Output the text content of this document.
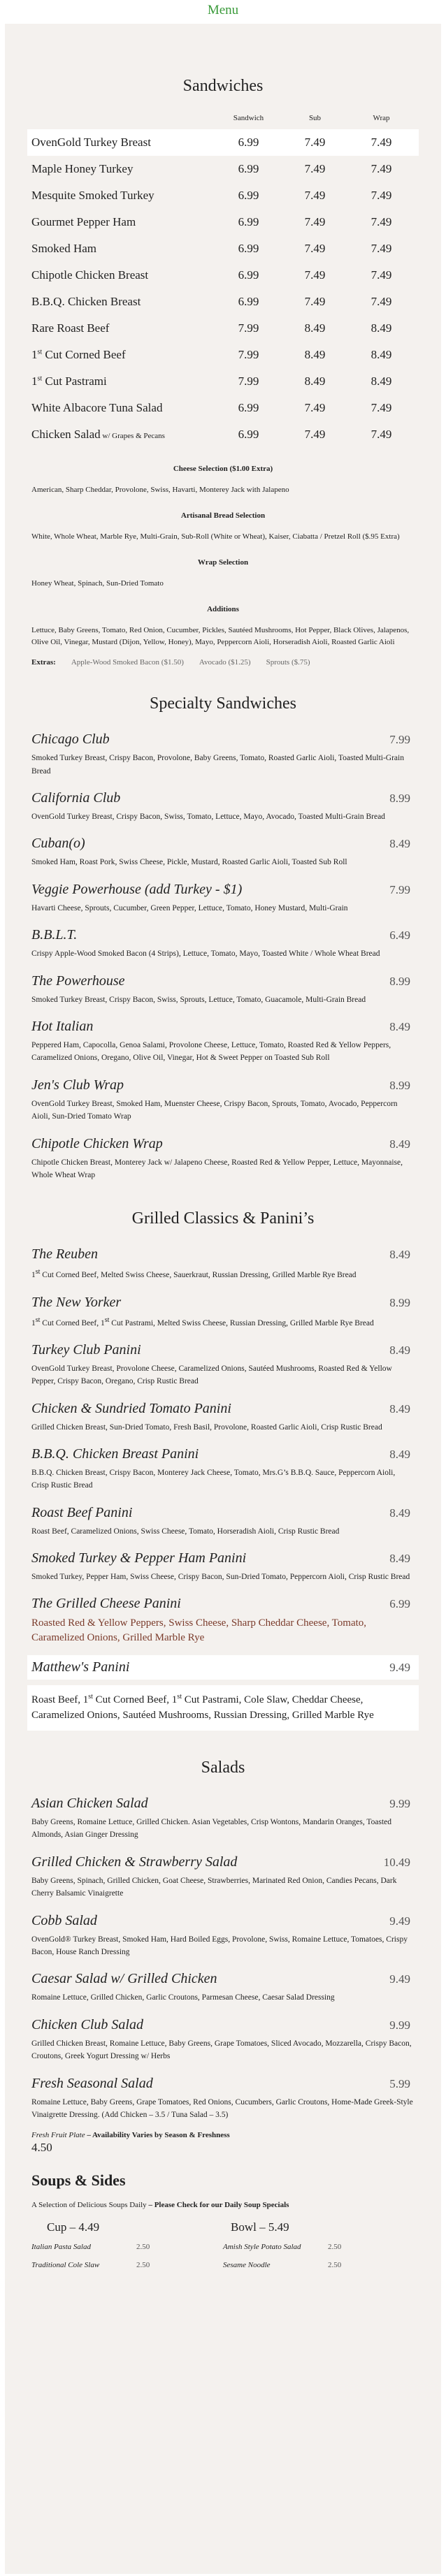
Menu
Sandwiches
Sandwich	Sub	Wrap
OvenGold Turkey Breast	6.99	7.49	7.49
Maple Honey Turkey	6.99	7.49	7.49
Mesquite Smoked Turkey	6.99	7.49	7.49
Gourmet Pepper Ham	6.99	7.49	7.49
Smoked Ham	6.99	7.49	7.49
Chipotle Chicken Breast	6.99	7.49	7.49
B.B.Q. Chicken Breast	6.99	7.49	7.49
Rare Roast Beef	7.99	8.49	8.49
1st Cut Corned Beef	7.99	8.49	8.49
1st Cut Pastrami	7.99	8.49	8.49
White Albacore Tuna Salad	6.99	7.49	7.49
Chicken Salad w/ Grapes & Pecans	6.99	7.49	7.49
Cheese Selection ($1.00 Extra)

American, Sharp Cheddar, Provolone, Swiss, Havarti, Monterey Jack with Jalapeno

Artisanal Bread Selection

White, Whole Wheat, Marble Rye, Multi-Grain, Sub-Roll (White or Wheat), Kaiser, Ciabatta / Pretzel Roll ($.95 Extra)

Wrap Selection

Honey Wheat, Spinach, Sun-Dried Tomato

Additions

Lettuce, Baby Greens, Tomato, Red Onion, Cucumber, Pickles, Sautéed Mushrooms, Hot Pepper, Black Olives, Jalapenos, Olive Oil, Vinegar, Mustard (Dijon, Yellow, Honey), Mayo, Peppercorn Aioli, Horseradish Aioli, Roasted Garlic Aioli

Extras: Apple-Wood Smoked Bacon ($1.50) Avocado ($1.25) Sprouts ($.75)
Specialty Sandwiches
Chicago Club	7.99
Smoked Turkey Breast, Crispy Bacon, Provolone, Baby Greens, Tomato, Roasted Garlic Aioli, Toasted Multi-Grain Bread
California Club	8.99
OvenGold Turkey Breast, Crispy Bacon, Swiss, Tomato, Lettuce, Mayo, Avocado, Toasted Multi-Grain Bread
Cuban(o)	8.49
Smoked Ham, Roast Pork, Swiss Cheese, Pickle, Mustard, Roasted Garlic Aioli, Toasted Sub Roll
Veggie Powerhouse (add Turkey - $1)	7.99
Havarti Cheese, Sprouts, Cucumber, Green Pepper, Lettuce, Tomato, Honey Mustard, Multi-Grain
B.B.L.T.	6.49
Crispy Apple-Wood Smoked Bacon (4 Strips), Lettuce, Tomato, Mayo, Toasted White / Whole Wheat Bread
The Powerhouse	8.99
Smoked Turkey Breast, Crispy Bacon, Swiss, Sprouts, Lettuce, Tomato, Guacamole, Multi-Grain Bread
Hot Italian	8.49
Peppered Ham, Capocolla, Genoa Salami, Provolone Cheese, Lettuce, Tomato, Roasted Red & Yellow Peppers, Caramelized Onions, Oregano, Olive Oil, Vinegar, Hot & Sweet Pepper on Toasted Sub Roll
Jen's Club Wrap	8.99
OvenGold Turkey Breast, Smoked Ham, Muenster Cheese, Crispy Bacon, Sprouts, Tomato, Avocado, Peppercorn Aioli, Sun-Dried Tomato Wrap
Chipotle Chicken Wrap	8.49
Chipotle Chicken Breast, Monterey Jack w/ Jalapeno Cheese, Roasted Red & Yellow Pepper, Lettuce, Mayonnaise, Whole Wheat Wrap
Grilled Classics & Panini’s
The Reuben	8.49
1st Cut Corned Beef, Melted Swiss Cheese, Sauerkraut, Russian Dressing, Grilled Marble Rye Bread
The New Yorker	8.99
1st Cut Corned Beef, 1st Cut Pastrami, Melted Swiss Cheese, Russian Dressing, Grilled Marble Rye Bread
Turkey Club Panini	8.49
OvenGold Turkey Breast, Provolone Cheese, Caramelized Onions, Sautéed Mushrooms, Roasted Red & Yellow Pepper, Crispy Bacon, Oregano, Crisp Rustic Bread
Chicken & Sundried Tomato Panini	8.49
Grilled Chicken Breast, Sun-Dried Tomato, Fresh Basil, Provolone, Roasted Garlic Aioli, Crisp Rustic Bread
B.B.Q. Chicken Breast Panini	8.49
B.B.Q. Chicken Breast, Crispy Bacon, Monterey Jack Cheese, Tomato, Mrs.G’s B.B.Q. Sauce, Peppercorn Aioli, Crisp Rustic Bread
Roast Beef Panini	8.49
Roast Beef, Caramelized Onions, Swiss Cheese, Tomato, Horseradish Aioli, Crisp Rustic Bread
Smoked Turkey & Pepper Ham Panini	8.49
Smoked Turkey, Pepper Ham, Swiss Cheese, Crispy Bacon, Sun-Dried Tomato, Peppercorn Aioli, Crisp Rustic Bread
The Grilled Cheese Panini	6.99
Roasted Red & Yellow Peppers, Swiss Cheese, Sharp Cheddar Cheese, Tomato, Caramelized Onions, Grilled Marble Rye
Matthew's Panini	9.49
Roast Beef, 1st Cut Corned Beef, 1st Cut Pastrami, Cole Slaw, Cheddar Cheese, Caramelized Onions, Sautéed Mushrooms, Russian Dressing, Grilled Marble Rye
Salads
Asian Chicken Salad	9.99
Baby Greens, Romaine Lettuce, Grilled Chicken. Asian Vegetables, Crisp Wontons, Mandarin Oranges, Toasted Almonds, Asian Ginger Dressing
Grilled Chicken & Strawberry Salad	10.49
Baby Greens, Spinach, Grilled Chicken, Goat Cheese, Strawberries, Marinated Red Onion, Candies Pecans, Dark Cherry Balsamic Vinaigrette
Cobb Salad	9.49
OvenGold® Turkey Breast, Smoked Ham, Hard Boiled Eggs, Provolone, Swiss, Romaine Lettuce, Tomatoes, Crispy Bacon, House Ranch Dressing
Caesar Salad w/ Grilled Chicken	9.49
Romaine Lettuce, Grilled Chicken, Garlic Croutons, Parmesan Cheese, Caesar Salad Dressing
Chicken Club Salad	9.99
Grilled Chicken Breast, Romaine Lettuce, Baby Greens, Grape Tomatoes, Sliced Avocado, Mozzarella, Crispy Bacon, Croutons, Greek Yogurt Dressing w/ Herbs
Fresh Seasonal Salad	5.99
Romaine Lettuce, Baby Greens, Grape Tomatoes, Red Onions, Cucumbers, Garlic Croutons, Home-Made Greek-Style Vinaigrette Dressing. (Add Chicken – 3.5 / Tuna Salad – 3.5)
Fresh Fruit Plate – Availability Varies by Season & Freshness
4.50
Soups & Sides
A Selection of Delicious Soups Daily – Please Check for our Daily Soup Specials
Cup – 4.49	Bowl – 5.49
Italian Pasta Salad	2.50	Amish Style Potato Salad	2.50
Traditional Cole Slaw	2.50	Sesame Noodle	2.50
